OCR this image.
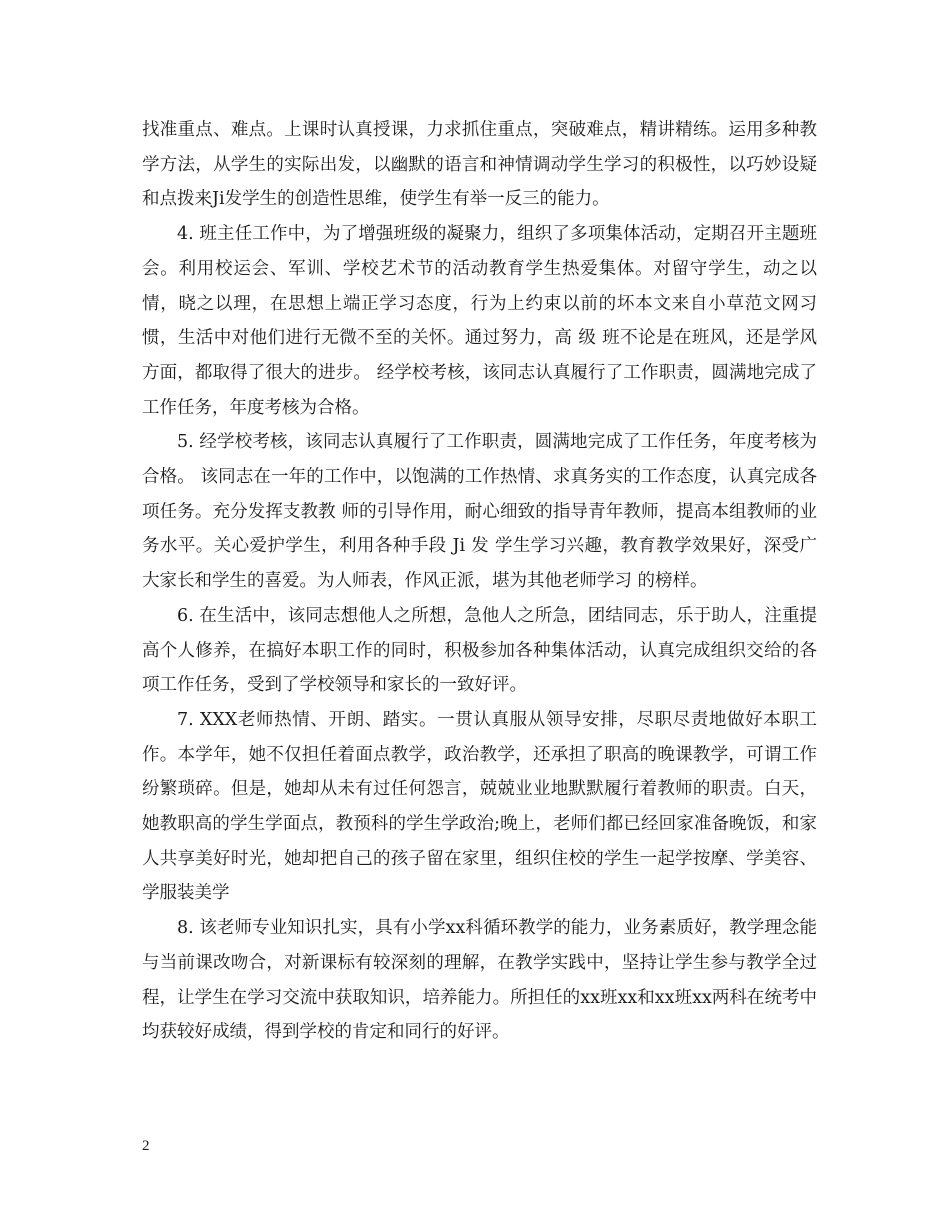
找准重点、难点。上课时认真授课，力求抓住重点，突破难点，精讲精练。运用多种教学方法，从学生的实际出发，以幽默的语言和神情调动学生学习的积极性，以巧妙设疑和点拨来Ji发学生的创造性思维，使学生有举一反三的能力。

4. 班主任工作中，为了增强班级的凝聚力，组织了多项集体活动，定期召开主题班会。利用校运会、军训、学校艺术节的活动教育学生热爱集体。对留守学生，动之以情，晓之以理，在思想上端正学习态度，行为上约束以前的坏本文来自小草范文网习惯，生活中对他们进行无微不至的关怀。通过努力，高 级 班不论是在班风，还是学风方面，都取得了很大的进步。 经学校考核，该同志认真履行了工作职责，圆满地完成了工作任务，年度考核为合格。

5. 经学校考核，该同志认真履行了工作职责，圆满地完成了工作任务，年度考核为合格。 该同志在一年的工作中，以饱满的工作热情、求真务实的工作态度，认真完成各项任务。充分发挥支教教 师的引导作用，耐心细致的指导青年教师，提高本组教师的业务水平。关心爱护学生，利用各种手段 Ji 发 学生学习兴趣，教育教学效果好，深受广大家长和学生的喜爱。为人师表，作风正派，堪为其他老师学习 的榜样。

6. 在生活中，该同志想他人之所想，急他人之所急，团结同志，乐于助人，注重提高个人修养，在搞好本职工作的同时，积极参加各种集体活动，认真完成组织交给的各项工作任务，受到了学校领导和家长的一致好评。

7. XXX老师热情、开朗、踏实。一贯认真服从领导安排，尽职尽责地做好本职工作。本学年，她不仅担任着面点教学，政治教学，还承担了职高的晚课教学，可谓工作纷繁琐碎。但是，她却从未有过任何怨言，兢兢业业地默默履行着教师的职责。白天，她教职高的学生学面点，教预科的学生学政治;晚上，老师们都已经回家准备晚饭，和家人共享美好时光，她却把自己的孩子留在家里，组织住校的学生一起学按摩、学美容、学服装美学

8. 该老师专业知识扎实，具有小学xx科循环教学的能力，业务素质好，教学理念能与当前课改吻合，对新课标有较深刻的理解，在教学实践中，坚持让学生参与教学全过程，让学生在学习交流中获取知识，培养能力。所担任的xx班xx和xx班xx两科在统考中均获较好成绩，得到学校的肯定和同行的好评。

2
